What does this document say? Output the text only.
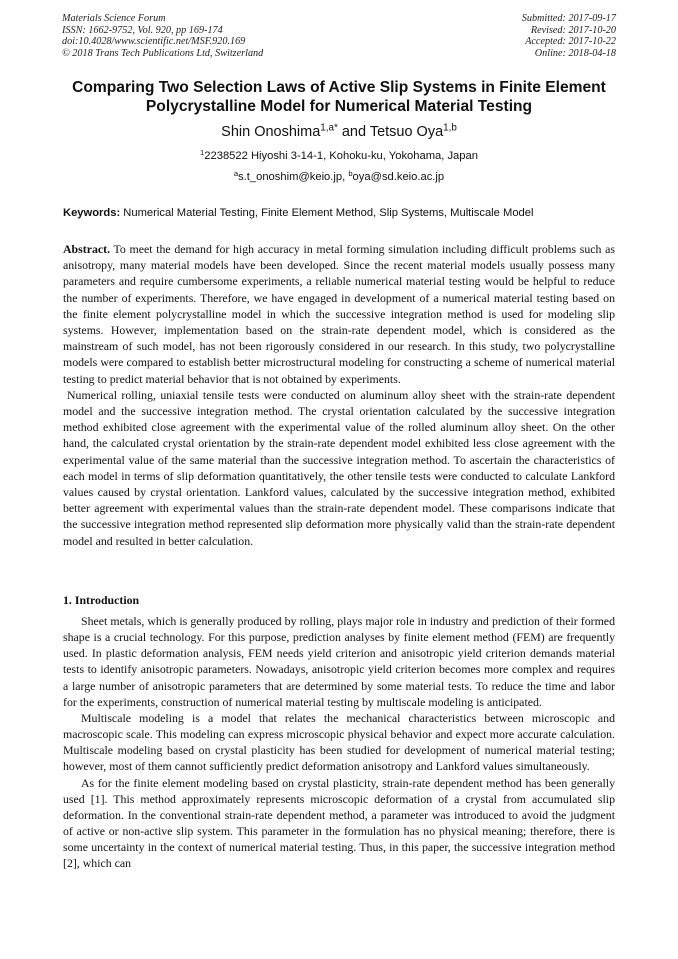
Materials Science Forum
ISSN: 1662-9752, Vol. 920, pp 169-174
doi:10.4028/www.scientific.net/MSF.920.169
© 2018 Trans Tech Publications Ltd, Switzerland
Submitted: 2017-09-17
Revised: 2017-10-20
Accepted: 2017-10-22
Online: 2018-04-18
Comparing Two Selection Laws of Active Slip Systems in Finite Element
Polycrystalline Model for Numerical Material Testing
Shin Onoshima$^{1,a*}$ and Tetsuo Oya$^{1,b}$
$^1$2238522 Hiyoshi 3-14-1, Kohoku-ku, Yokohama, Japan
$^a$s.t_onoshim@keio.jp, $^b$oya@sd.keio.ac.jp
Keywords: Numerical Material Testing, Finite Element Method, Slip Systems, Multiscale Model

Abstract. To meet the demand for high accuracy in metal forming simulation including difficult problems such as anisotropy, many material models have been developed. Since the recent material models usually possess many parameters and require cumbersome experiments, a reliable numerical material testing would be helpful to reduce the number of experiments. Therefore, we have engaged in development of a numerical material testing based on the finite element polycrystalline model in which the successive integration method is used for modeling slip systems. However, implementation based on the strain-rate dependent model, which is considered as the mainstream of such model, has not been rigorously considered in our research. In this study, two polycrystalline models were compared to establish better microstructural modeling for constructing a scheme of numerical material testing to predict material behavior that is not obtained by experiments.

Numerical rolling, uniaxial tensile tests were conducted on aluminum alloy sheet with the strain-rate dependent model and the successive integration method. The crystal orientation calculated by the successive integration method exhibited close agreement with the experimental value of the rolled aluminum alloy sheet. On the other hand, the calculated crystal orientation by the strain-rate dependent model exhibited less close agreement with the experimental value of the same material than the successive integration method. To ascertain the characteristics of each model in terms of slip deformation quantitatively, the other tensile tests were conducted to calculate Lankford values caused by crystal orientation. Lankford values, calculated by the successive integration method, exhibited better agreement with experimental values than the strain-rate dependent model. These comparisons indicate that the successive integration method represented slip deformation more physically valid than the strain-rate dependent model and resulted in better calculation.

1. Introduction

Sheet metals, which is generally produced by rolling, plays major role in industry and prediction of their formed shape is a crucial technology. For this purpose, prediction analyses by finite element method (FEM) are frequently used. In plastic deformation analysis, FEM needs yield criterion and anisotropic yield criterion demands material tests to identify anisotropic parameters. Nowadays, anisotropic yield criterion becomes more complex and requires a large number of anisotropic parameters that are determined by some material tests. To reduce the time and labor for the experiments, construction of numerical material testing by multiscale modeling is anticipated.

Multiscale modeling is a model that relates the mechanical characteristics between microscopic and macroscopic scale. This modeling can express microscopic physical behavior and expect more accurate calculation. Multiscale modeling based on crystal plasticity has been studied for development of numerical material testing; however, most of them cannot sufficiently predict deformation anisotropy and Lankford values simultaneously.

As for the finite element modeling based on crystal plasticity, strain-rate dependent method has been generally used [1]. This method approximately represents microscopic deformation of a crystal from accumulated slip deformation. In the conventional strain-rate dependent method, a parameter was introduced to avoid the judgment of active or non-active slip system. This parameter in the formulation has no physical meaning; therefore, there is some uncertainty in the context of numerical material testing. Thus, in this paper, the successive integration method [2], which can
